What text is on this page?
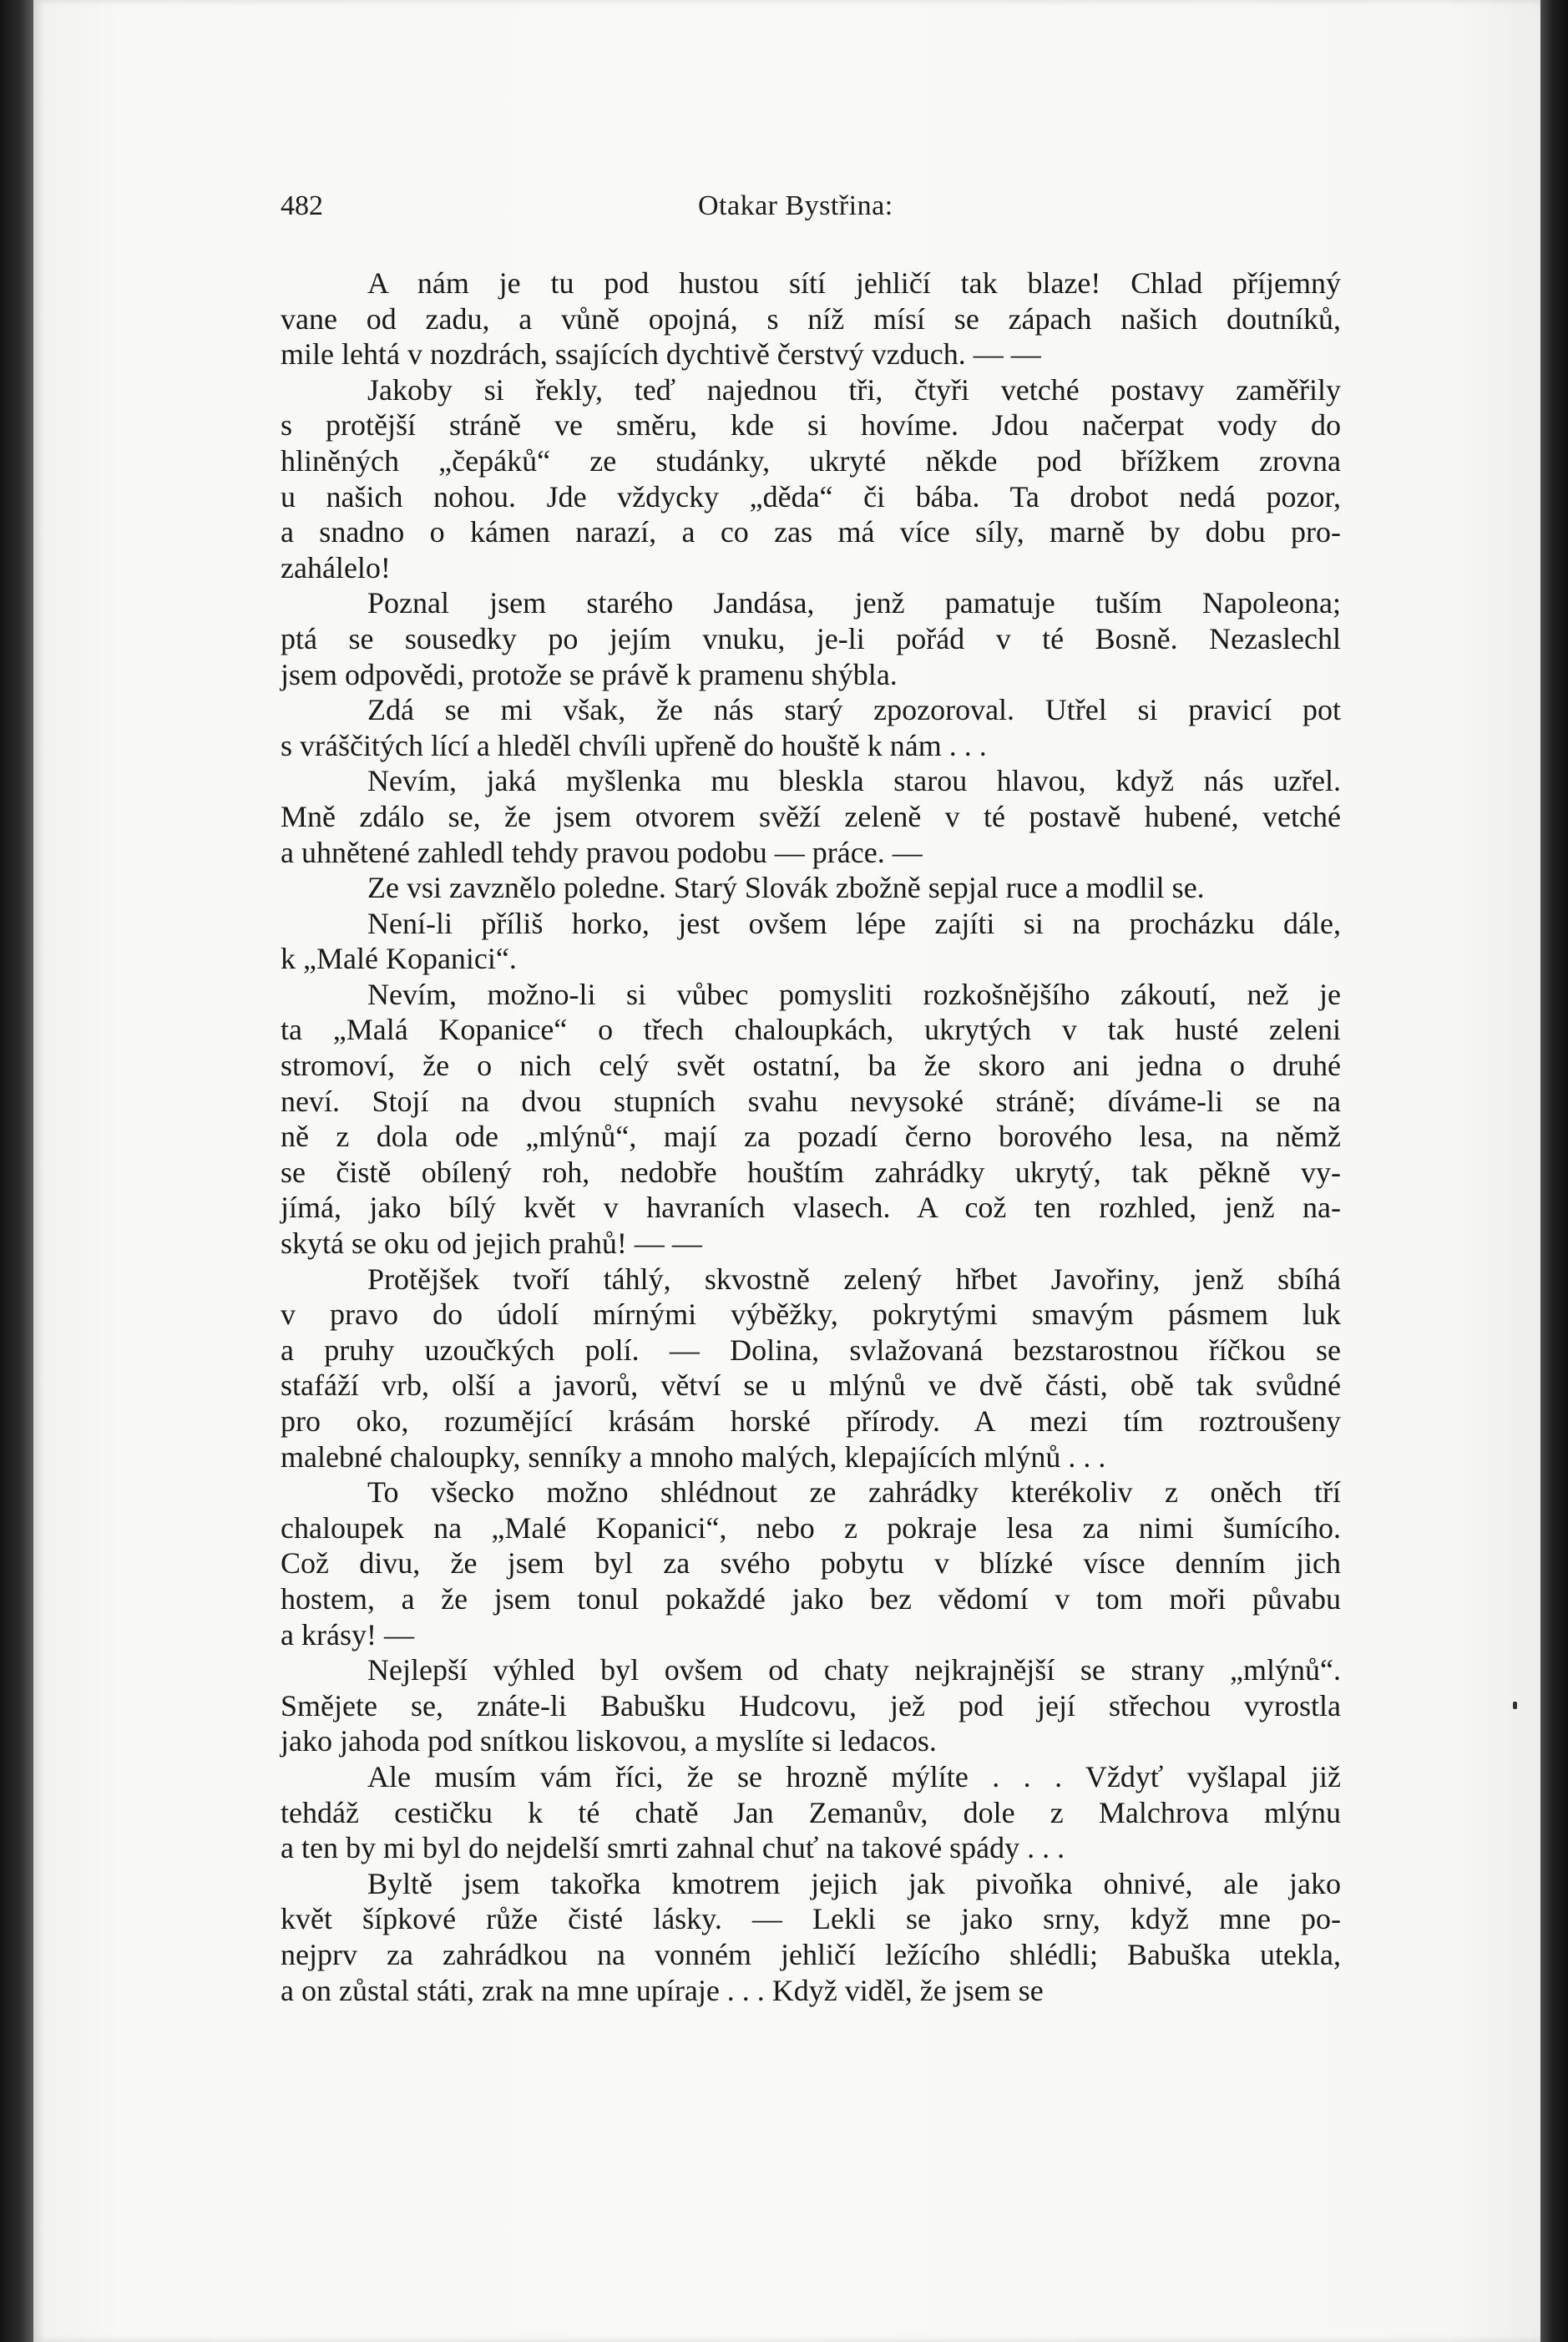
482	Otakar Bystřina:
A nám je tu pod hustou sítí jehličí tak blaze! Chlad příjemný
vane od zadu, a vůně opojná, s níž mísí se zápach našich doutníků,
mile lehtá v nozdrách, ssajících dychtivě čerstvý vzduch. — —
Jakoby si řekly, teď najednou tři, čtyři vetché postavy zaměřily
s protější stráně ve směru, kde si hovíme. Jdou načerpat vody do
hliněných „čepáků“ ze studánky, ukryté někde pod břížkem zrovna
u našich nohou. Jde vždycky „děda“ či bába. Ta drobot nedá pozor,
a snadno o kámen narazí, a co zas má více síly, marně by dobu pro-
zahálelo!
Poznal jsem starého Jandása, jenž pamatuje tuším Napoleona;
ptá se sousedky po jejím vnuku, je-li pořád v té Bosně. Nezaslechl
jsem odpovědi, protože se právě k pramenu shýbla.
Zdá se mi však, že nás starý zpozoroval. Utřel si pravicí pot
s vráščitých lící a hleděl chvíli upřeně do houště k nám . . .
Nevím, jaká myšlenka mu bleskla starou hlavou, když nás uzřel.
Mně zdálo se, že jsem otvorem svěží zeleně v té postavě hubené, vetché
a uhnětené zahledl tehdy pravou podobu — práce. —
Ze vsi zavznělo poledne. Starý Slovák zbožně sepjal ruce a modlil se.
Není-li příliš horko, jest ovšem lépe zajíti si na procházku dále,
k „Malé Kopanici“.
Nevím, možno-li si vůbec pomysliti rozkošnějšího zákoutí, než je
ta „Malá Kopanice“ o třech chaloupkách, ukrytých v tak husté zeleni
stromoví, že o nich celý svět ostatní, ba že skoro ani jedna o druhé
neví. Stojí na dvou stupních svahu nevysoké stráně; díváme-li se na
ně z dola ode „mlýnů“, mají za pozadí černo borového lesa, na němž
se čistě obílený roh, nedobře houštím zahrádky ukrytý, tak pěkně vy-
jímá, jako bílý květ v havraních vlasech. A což ten rozhled, jenž na-
skytá se oku od jejich prahů! — —
Protějšek tvoří táhlý, skvostně zelený hřbet Javořiny, jenž sbíhá
v pravo do údolí mírnými výběžky, pokrytými smavým pásmem luk
a pruhy uzoučkých polí. — Dolina, svlažovaná bezstarostnou říčkou se
stafáží vrb, olší a javorů, větví se u mlýnů ve dvě části, obě tak svůdné
pro oko, rozumějící krásám horské přírody. A mezi tím roztroušeny
malebné chaloupky, senníky a mnoho malých, klepajících mlýnů . . .
To všecko možno shlédnout ze zahrádky kterékoliv z oněch tří
chaloupek na „Malé Kopanici“, nebo z pokraje lesa za nimi šumícího.
Což divu, že jsem byl za svého pobytu v blízké vísce denním jich
hostem, a že jsem tonul pokaždé jako bez vědomí v tom moři půvabu
a krásy! —
Nejlepší výhled byl ovšem od chaty nejkrajnější se strany „mlýnů“.
Smějete se, znáte-li Babušku Hudcovu, jež pod její střechou vyrostla
jako jahoda pod snítkou liskovou, a myslíte si ledacos.
Ale musím vám říci, že se hrozně mýlíte . . . Vždyť vyšlapal již
tehdáž cestičku k té chatě Jan Zemanův, dole z Malchrova mlýnu
a ten by mi byl do nejdelší smrti zahnal chuť na takové spády . . .
Byltě jsem takořka kmotrem jejich jak pivoňka ohnivé, ale jako
květ šípkové růže čisté lásky. — Lekli se jako srny, když mne po-
nejprv za zahrádkou na vonném jehličí ležícího shlédli; Babuška utekla,
a on zůstal státi, zrak na mne upíraje . . . Když viděl, že jsem se
